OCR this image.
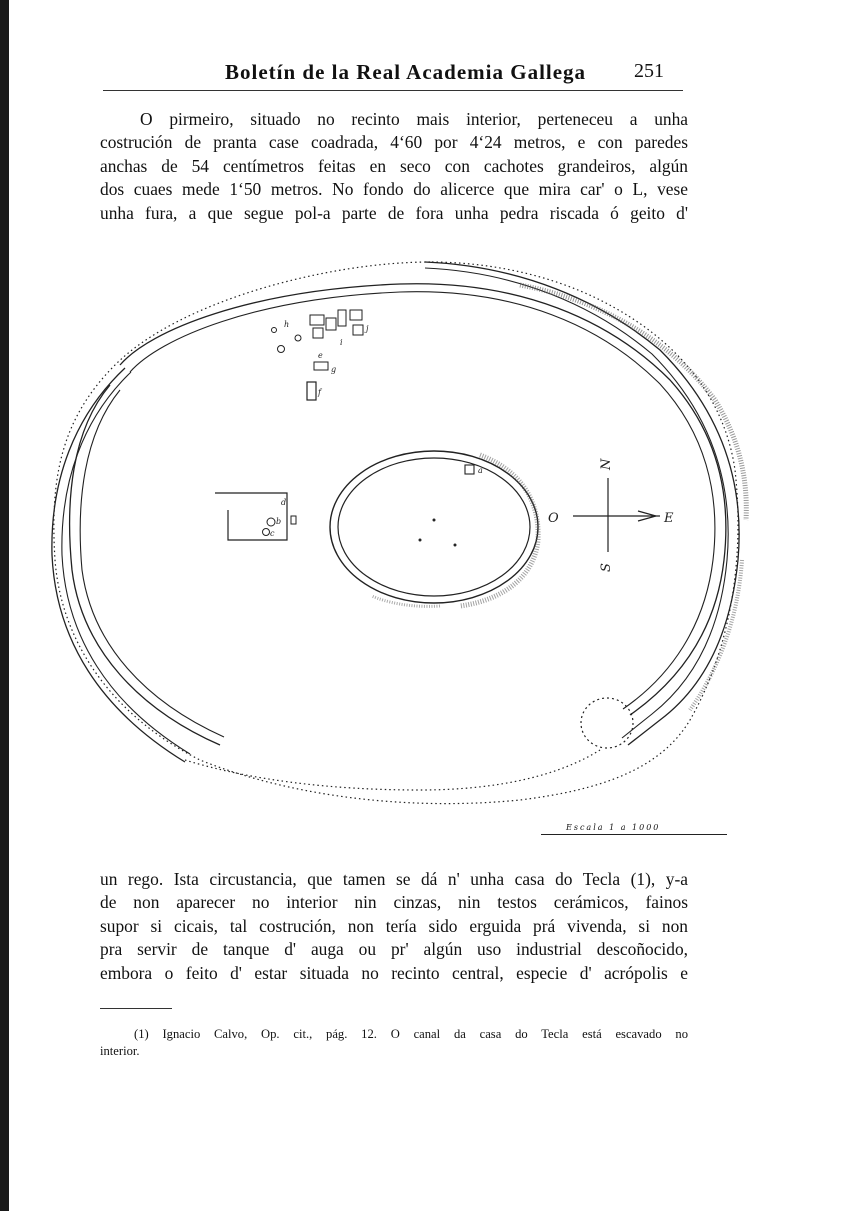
Boletín de la Real Academia Gallega 251
O pirmeiro, situado no recinto mais interior, perteneceu a unha
costrución de pranta case coadrada, 4‘60 por 4‘24 metros, e con paredes
anchas de 54 centímetros feitas en seco con cachotes grandeiros, algún
dos cuaes mede 1‘50 metros. No fondo do alicerce que mira car' o L, vese
unha fura, a que segue pol-a parte de fora unha pedra riscada ó geito d'
N
S
O	E
a
b
c
d
e
f
g
h
i
j
Escala 1 a 1000
un rego. Ista circustancia, que tamen se dá n' unha casa do Tecla (1), y-a
de non aparecer no interior nin cinzas, nin testos cerámicos, fainos
supor si cicais, tal costrución, non tería sido erguida prá vivenda, si non
pra servir de tanque d' auga ou pr' algún uso industrial descoñocido,
embora o feito d' estar situada no recinto central, especie d' acrópolis e
(1) Ignacio Calvo, Op. cit., pág. 12. O canal da casa do Tecla está escavado no
interior.
